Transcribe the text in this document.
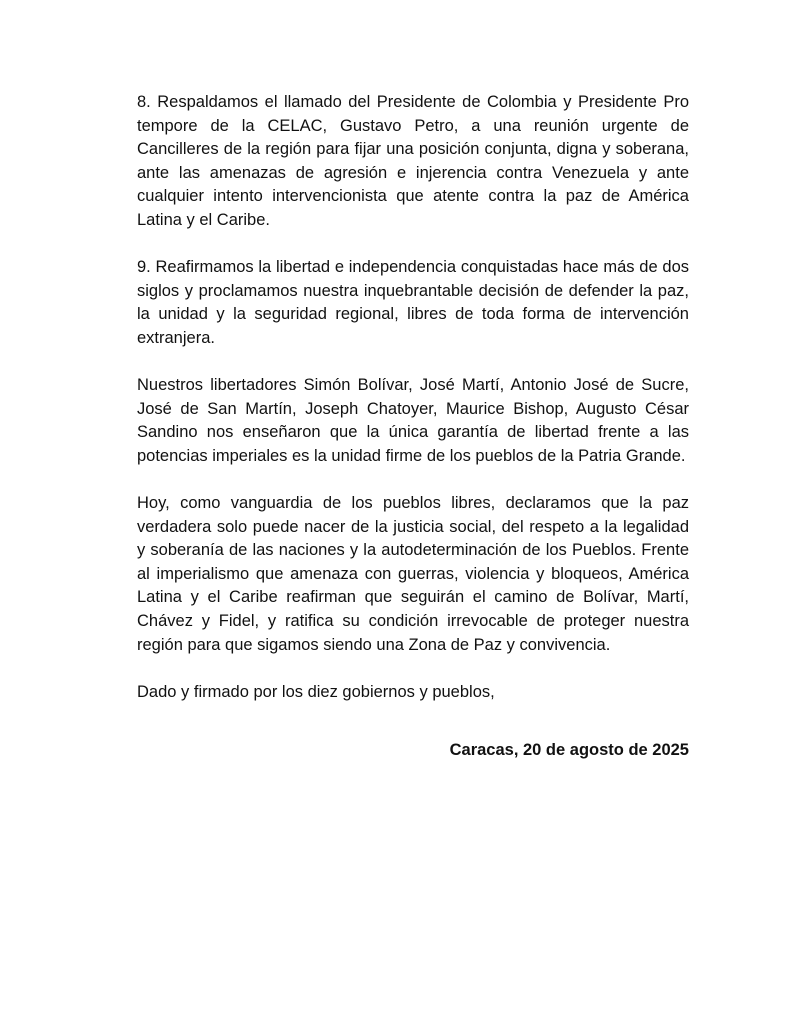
8. Respaldamos el llamado del Presidente de Colombia y Presidente Pro tempore de la CELAC, Gustavo Petro, a una reunión urgente de Cancilleres de la región para fijar una posición conjunta, digna y soberana, ante las amenazas de agresión e injerencia contra Venezuela y ante cualquier intento intervencionista que atente contra la paz de América Latina y el Caribe.

9. Reafirmamos la libertad e independencia conquistadas hace más de dos siglos y proclamamos nuestra inquebrantable decisión de defender la paz, la unidad y la seguridad regional, libres de toda forma de intervención extranjera.

Nuestros libertadores Simón Bolívar, José Martí, Antonio José de Sucre, José de San Martín, Joseph Chatoyer, Maurice Bishop, Augusto César Sandino nos enseñaron que la única garantía de libertad frente a las potencias imperiales es la unidad firme de los pueblos de la Patria Grande.

Hoy, como vanguardia de los pueblos libres, declaramos que la paz verdadera solo puede nacer de la justicia social, del respeto a la legalidad y soberanía de las naciones y la autodeterminación de los Pueblos. Frente al imperialismo que amenaza con guerras, violencia y bloqueos, América Latina y el Caribe reafirman que seguirán el camino de Bolívar, Martí, Chávez y Fidel, y ratifica su condición irrevocable de proteger nuestra región para que sigamos siendo una Zona de Paz y convivencia.

Dado y firmado por los diez gobiernos y pueblos,

Caracas, 20 de agosto de 2025
